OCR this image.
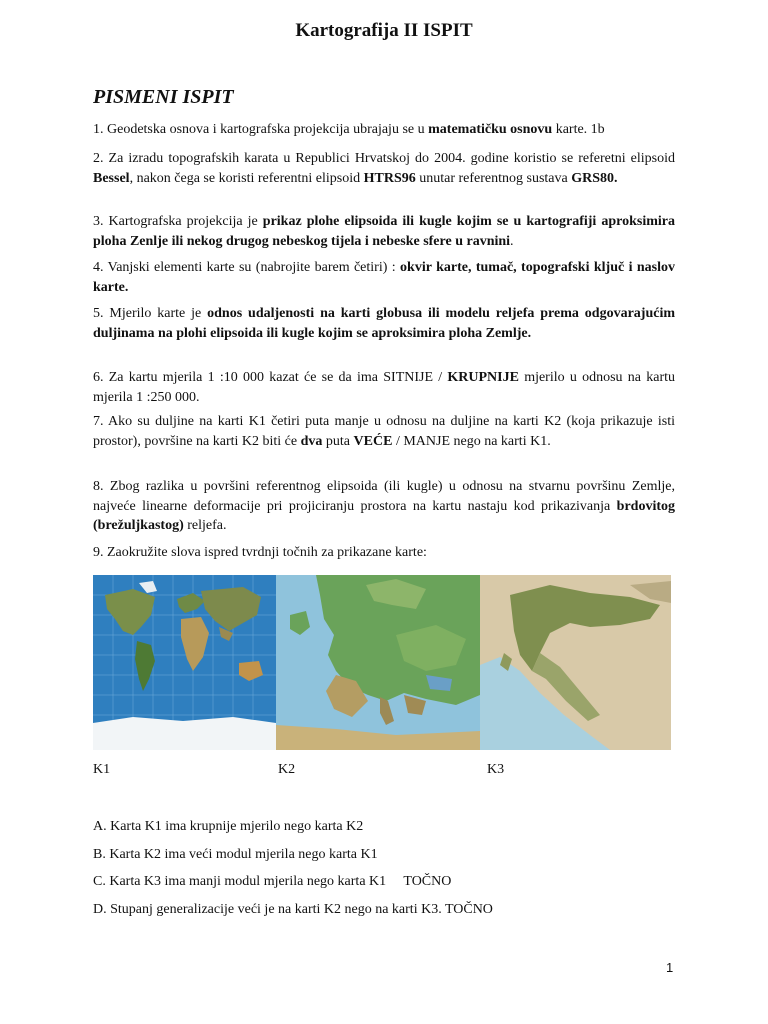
Kartografija II ISPIT
PISMENI ISPIT
1. Geodetska osnova i kartografska projekcija ubrajaju se u matematičku osnovu karte. 1b
2. Za izradu topografskih karata u Republici Hrvatskoj do 2004. godine koristio se referetni elipsoid Bessel, nakon čega se koristi referentni elipsoid HTRS96 unutar referentnog sustava GRS80.
3. Kartografska projekcija je prikaz plohe elipsoida ili kugle kojim se u kartografiji aproksimira ploha Zenlje ili nekog drugog nebeskog tijela i nebeske sfere u ravnini.
4. Vanjski elementi karte su (nabrojite barem četiri) : okvir karte, tumač, topografski ključ i naslov karte.
5. Mjerilo karte je odnos udaljenosti na karti globusa ili modelu reljefa prema odgovarajućim duljinama na plohi elipsoida ili kugle kojim se aproksimira ploha Zemlje.
6. Za kartu mjerila 1 :10 000 kazat će se da ima SITNIJE / KRUPNIJE mjerilo u odnosu na kartu mjerila 1 :250 000.
7. Ako su duljine na karti K1 četiri puta manje u odnosu na duljine na karti K2 (koja prikazuje isti prostor), površine na karti K2 biti će dva puta VEĆE / MANJE nego na karti K1.
8. Zbog razlika u površini referentnog elipsoida (ili kugle) u odnosu na stvarnu površinu Zemlje, najveće linearne deformacije pri projiciranju prostora na kartu nastaju kod prikazivanja brdovitog (brežuljkastog) reljefa.
9. Zaokružite slova ispred tvrdnji točnih za prikazane karte:
K1	K2	K3
A. Karta K1 ima krupnije mjerilo nego karta K2
B. Karta K2 ima veći modul mjerila nego karta K1
C. Karta K3 ima manji modul mjerila nego karta K1     TOČNO
D. Stupanj generalizacije veći je na karti K2 nego na karti K3. TOČNO
1
